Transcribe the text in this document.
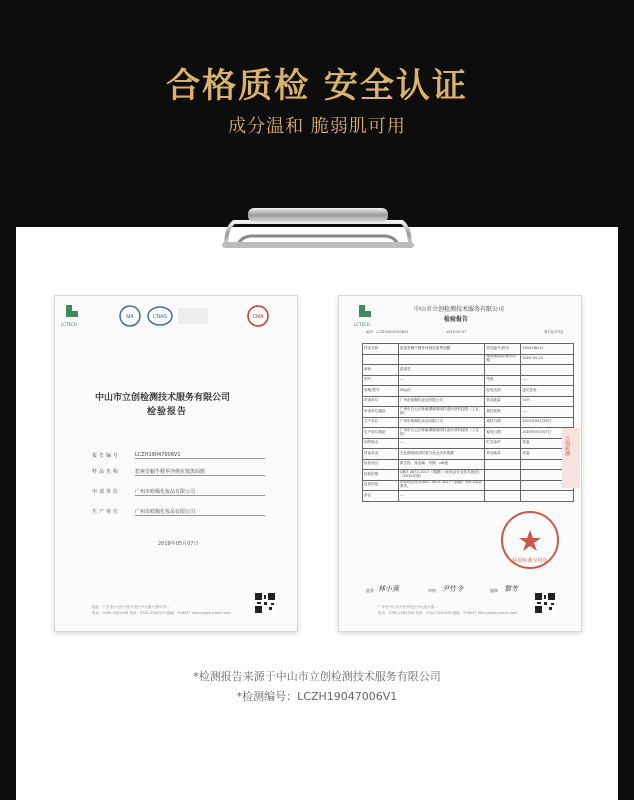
合格质检 安全认证
成分温和 脆弱肌可用
LCTECH
MA	CNAS	CMA
中山市立创检测技术服务有限公司
检验报告
报告编号	LCZH19047006V1
样品名称	碧素堂蜗牛精华净颜抗皱黑面膜
申请单位	广州市欧佩化妆品有限公司
生产单位	广州市欧佩化妆品有限公司
2019年05月07日
地址：广东省中山市火炬开发区中山港大道97号...
电话：0760-2281028 传真：0760-2281029 邮编：528437 http://www.lctech.com
LCTECH
中山市立创检测技术服务有限公司
检验报告
编号：LCZH19047006V1	2019-05-07	第1页/共3页
样品名称	碧素堂蜗牛精华净颜抗皱黑面膜	样品编号/批号	19041f6v11
		保质期/限用使用日期	2022.04.15
商标	碧素堂		
型号	---	等级	----
规格/型号	25g/片	检验类别	委托检验
申请单位	广州市欧佩化妆品有限公司	样品数量	10片
申请单位地址	广州市白云区钟落潭镇茶园村委民营科技园（工业园）	抽样基数	----
生产单位	广州市欧佩化妆品有限公司	到样日期	2019年04月29日
生产单位地址	广州市白云区钟落潭镇茶园村委民营科技园（工业园）	检验日期	2019年05月07日
抽样地点	----	贮存条件	常温
样品状况	无色透明液体附着白色无纺布面膜	样品数量	常温
检验项目	微生物、重金属、甲醇、pH值		
检验依据	QB/T 2872-2017《面膜》《化妆品安全技术规范》（2015年版）		
检验结论	所检项目符合QB/T 2872-2017《面膜》第5.3条款要求。		
备注	---		
批准 林小燕	审核 尹竹令	编制 黎芳
检验检测专用章
立创检测
广东省中山市火炬开发区中山港大道...
电话：0760-2281028 传真：0760-2281029 邮编：528437 http://www.lctech.com
*检测报告来源于中山市立创检测技术服务有限公司
*检测编号：LCZH19047006V1
